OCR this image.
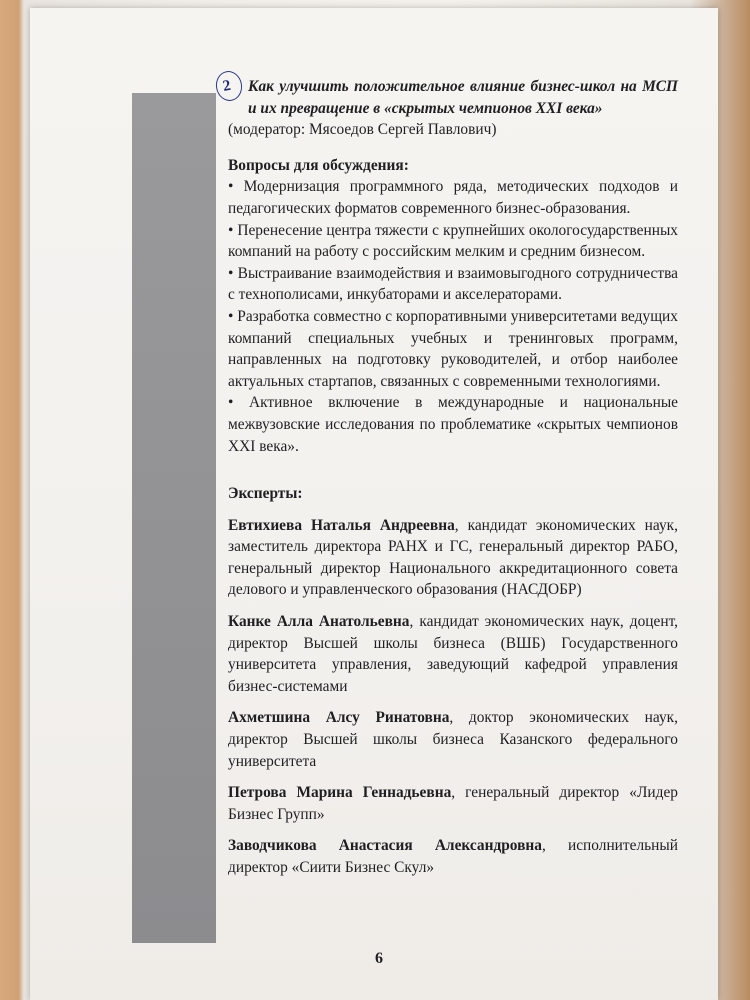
2	Как улучшить положительное влияние бизнес-школ на МСП и их превращение в «скрытых чемпионов XXI века»

(модератор: Мясоедов Сергей Павлович)

Вопросы для обсуждения:

• Модернизация программного ряда, методических подходов и педагогических форматов современного бизнес-образования.

• Перенесение центра тяжести с крупнейших окологосударственных компаний на работу с российским мелким и средним бизнесом.

• Выстраивание взаимодействия и взаимовыгодного сотрудничества с технополисами, инкубаторами и акселераторами.

• Разработка совместно с корпоративными университетами ведущих компаний специальных учебных и тренинговых программ, направленных на подготовку руководителей, и отбор наиболее актуальных стартапов, связанных с современными технологиями.

• Активное включение в международные и национальные межвузовские исследования по проблематике «скрытых чемпионов XXI века».

Эксперты:

Евтихиева Наталья Андреевна, кандидат экономических наук, заместитель директора РАНХ и ГС, генеральный директор РАБО, генеральный директор Национального аккредитационного совета делового и управленческого образования (НАСДОБР)

Канке Алла Анатольевна, кандидат экономических наук, доцент, директор Высшей школы бизнеса (ВШБ) Государственного университета управления, заведующий кафедрой управления бизнес-системами

Ахметшина Алсу Ринатовна, доктор экономических наук, директор Высшей школы бизнеса Казанского федерального университета

Петрова Марина Геннадьевна, генеральный директор «Лидер Бизнес Групп»

Заводчикова Анастасия Александровна, исполнительный директор «Сиити Бизнес Скул»

6
